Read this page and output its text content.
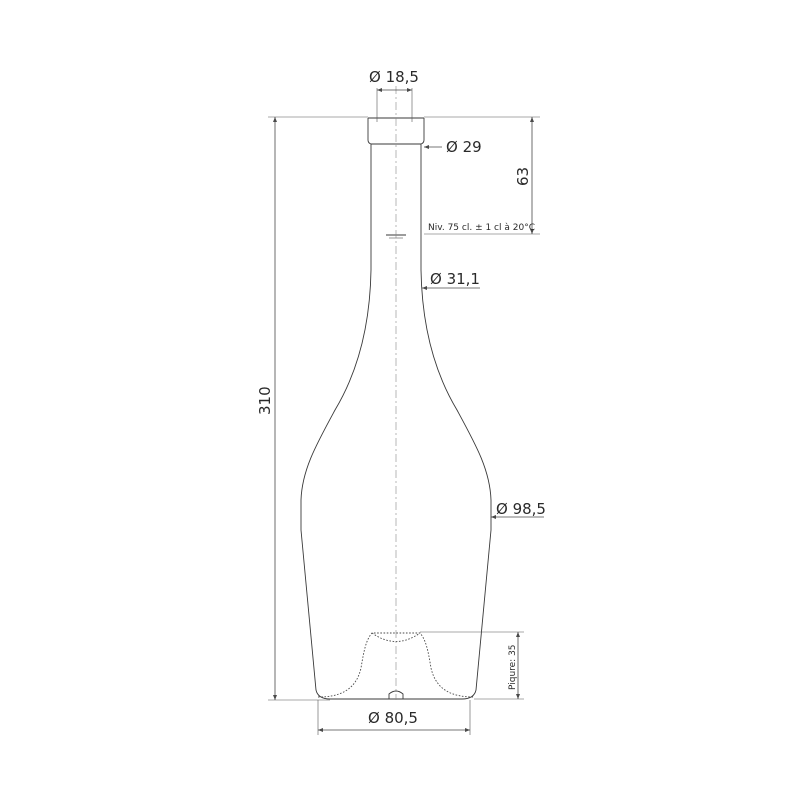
Ø 18,5
Ø 29
63
Niv. 75 cl. ± 1 cl à 20°C
Ø 31,1
310
Ø 98,5
Piqure: 35
Ø 80,5
